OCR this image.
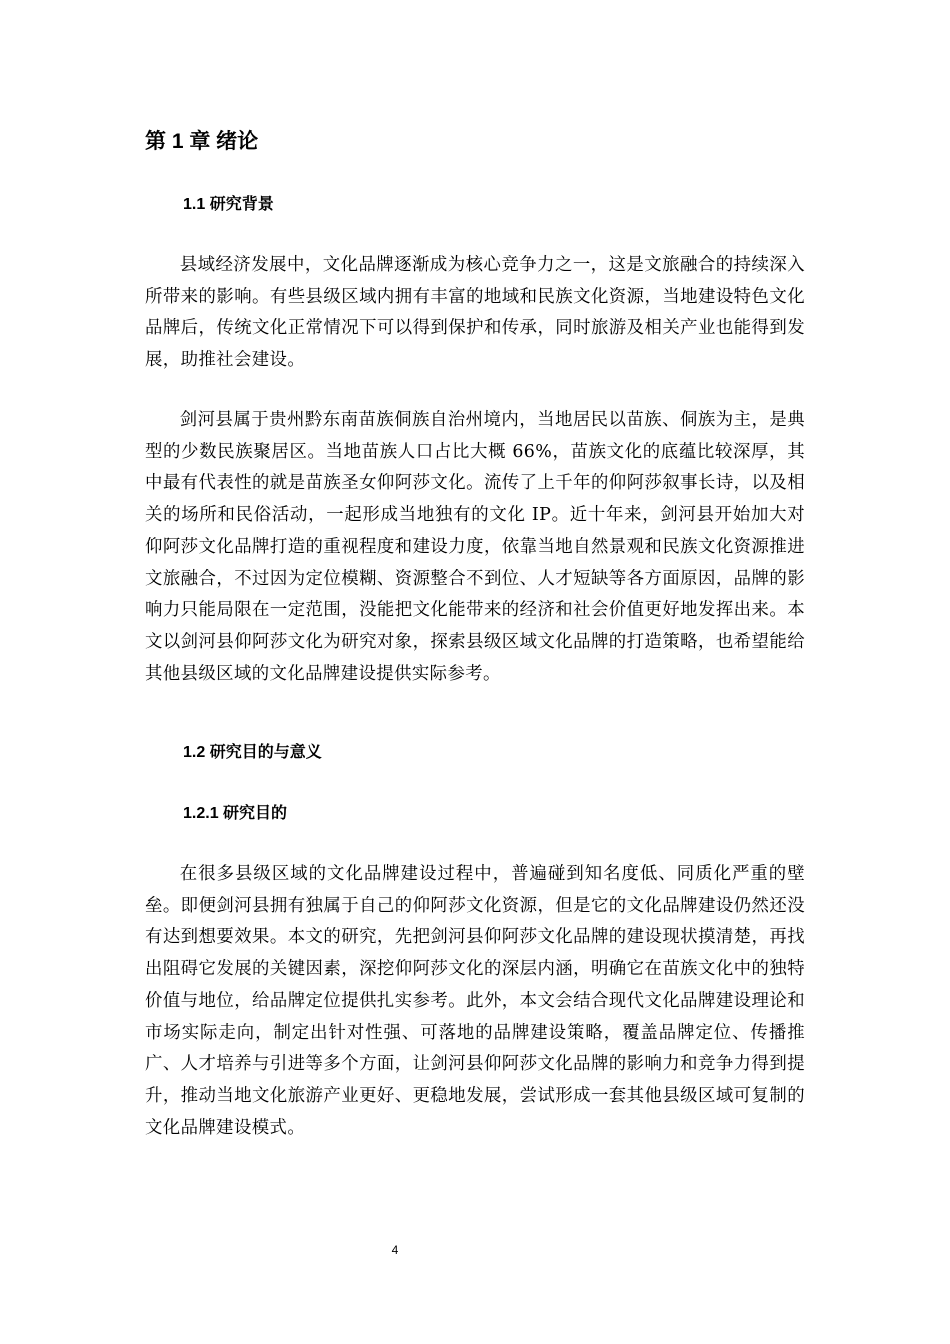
第 1 章 绪论
1.1 研究背景

县域经济发展中，文化品牌逐渐成为核心竞争力之一，这是文旅融合的持续深入所带来的影响。有些县级区域内拥有丰富的地域和民族文化资源，当地建设特色文化品牌后，传统文化正常情况下可以得到保护和传承，同时旅游及相关产业也能得到发展，助推社会建设。

剑河县属于贵州黔东南苗族侗族自治州境内，当地居民以苗族、侗族为主，是典型的少数民族聚居区。当地苗族人口占比大概 66%，苗族文化的底蕴比较深厚，其中最有代表性的就是苗族圣女仰阿莎文化。流传了上千年的仰阿莎叙事长诗，以及相关的场所和民俗活动，一起形成当地独有的文化 IP。近十年来，剑河县开始加大对仰阿莎文化品牌打造的重视程度和建设力度，依靠当地自然景观和民族文化资源推进文旅融合，不过因为定位模糊、资源整合不到位、人才短缺等各方面原因，品牌的影响力只能局限在一定范围，没能把文化能带来的经济和社会价值更好地发挥出来。本文以剑河县仰阿莎文化为研究对象，探索县级区域文化品牌的打造策略，也希望能给其他县级区域的文化品牌建设提供实际参考。

1.2 研究目的与意义
1.2.1 研究目的

在很多县级区域的文化品牌建设过程中，普遍碰到知名度低、同质化严重的壁垒。即便剑河县拥有独属于自己的仰阿莎文化资源，但是它的文化品牌建设仍然还没有达到想要效果。本文的研究，先把剑河县仰阿莎文化品牌的建设现状摸清楚，再找出阻碍它发展的关键因素，深挖仰阿莎文化的深层内涵，明确它在苗族文化中的独特价值与地位，给品牌定位提供扎实参考。此外，本文会结合现代文化品牌建设理论和市场实际走向，制定出针对性强、可落地的品牌建设策略，覆盖品牌定位、传播推广、人才培养与引进等多个方面，让剑河县仰阿莎文化品牌的影响力和竞争力得到提升，推动当地文化旅游产业更好、更稳地发展，尝试形成一套其他县级区域可复制的文化品牌建设模式。

4
